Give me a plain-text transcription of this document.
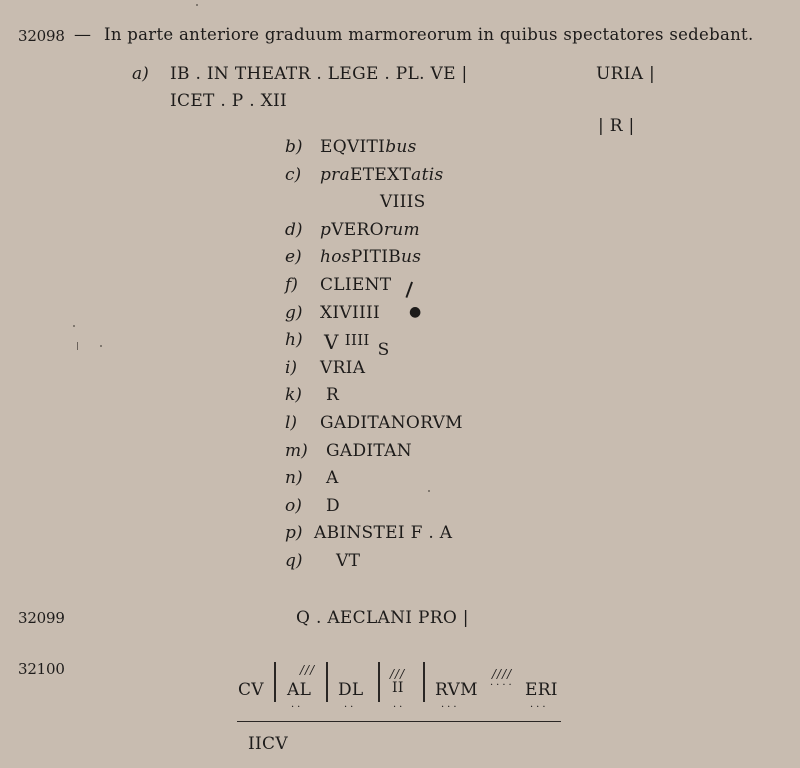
32098 — In parte anteriore graduum marmoreorum in quibus spectatores sedebant.
a) IB . IN THEATR . LEGE . PL. VE |	URIA |
ICET . P . XII
| R |
b) EQVITIbus
c) praETEXTatis
VIIIS
d) pVEROrum
e) hosPITIBus
f) CLIENT
g) XIVIIII
h) V IIII S
i) VRIA
k) R
l) GADITANORVM
m) GADITAN
n) A
o) D
p) ABINSTEI F . A
q) VT
❘
●
32099	Q . AECLANI PRO |
32100
CV
///
AL
··
DL
··
///
II
··
RVM
···
////
···· ERI
···
IICV
